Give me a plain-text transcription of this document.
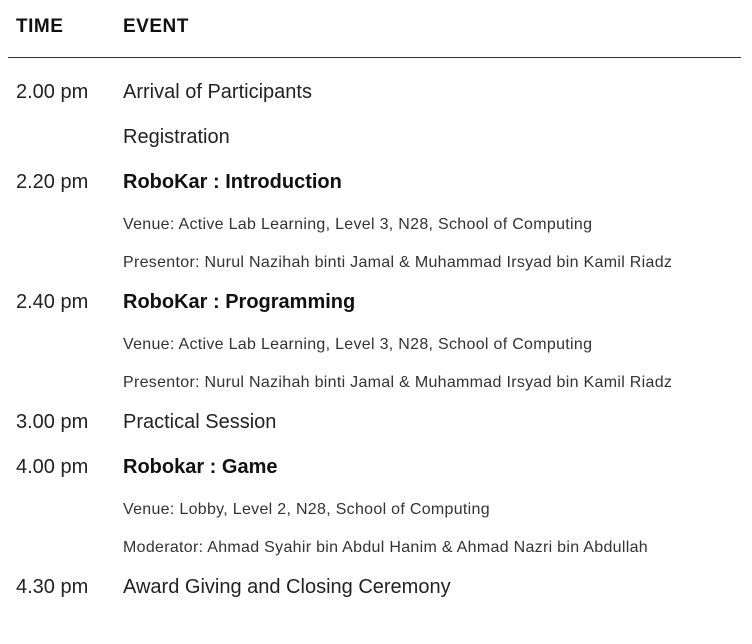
TIME	EVENT
2.00 pm Arrival of Participants
Registration
2.20 pm RoboKar : Introduction
Venue: Active Lab Learning, Level 3, N28, School of Computing
Presentor: Nurul Nazihah binti Jamal & Muhammad Irsyad bin Kamil Riadz
2.40 pm RoboKar : Programming
Venue: Active Lab Learning, Level 3, N28, School of Computing
Presentor: Nurul Nazihah binti Jamal & Muhammad Irsyad bin Kamil Riadz
3.00 pm Practical Session
4.00 pm Robokar : Game
Venue: Lobby, Level 2, N28, School of Computing
Moderator: Ahmad Syahir bin Abdul Hanim & Ahmad Nazri bin Abdullah
4.30 pm Award Giving and Closing Ceremony
